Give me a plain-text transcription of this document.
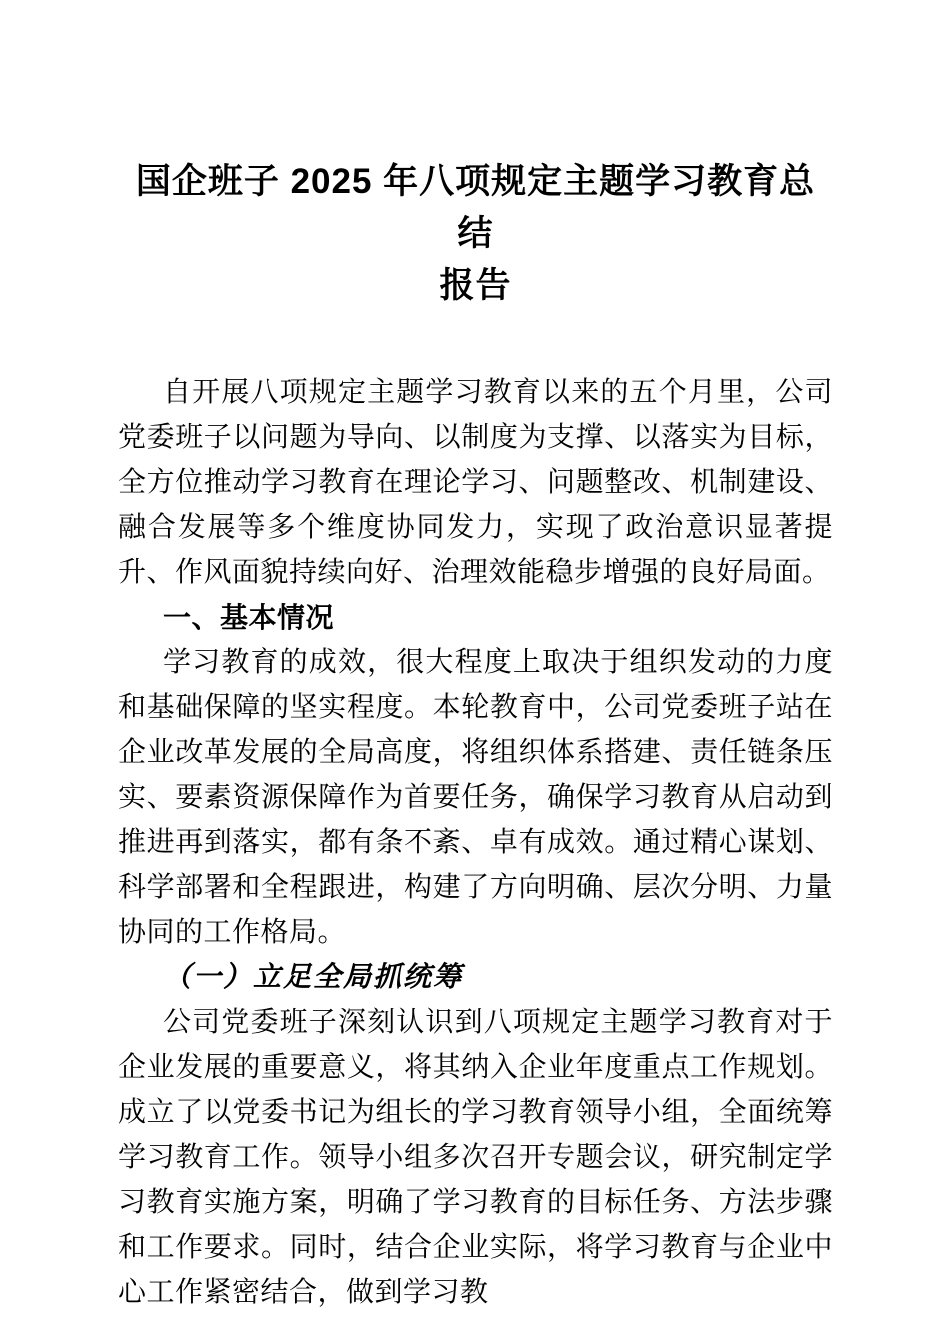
国企班子 2025 年八项规定主题学习教育总结
报告

自开展八项规定主题学习教育以来的五个月里，公司党委班子以问题为导向、以制度为支撑、以落实为目标，全方位推动学习教育在理论学习、问题整改、机制建设、融合发展等多个维度协同发力，实现了政治意识显著提升、作风面貌持续向好、治理效能稳步增强的良好局面。

一、基本情况

学习教育的成效，很大程度上取决于组织发动的力度和基础保障的坚实程度。本轮教育中，公司党委班子站在企业改革发展的全局高度，将组织体系搭建、责任链条压实、要素资源保障作为首要任务，确保学习教育从启动到推进再到落实，都有条不紊、卓有成效。通过精心谋划、科学部署和全程跟进，构建了方向明确、层次分明、力量协同的工作格局。

（一）立足全局抓统筹

公司党委班子深刻认识到八项规定主题学习教育对于企业发展的重要意义，将其纳入企业年度重点工作规划。成立了以党委书记为组长的学习教育领导小组，全面统筹学习教育工作。领导小组多次召开专题会议，研究制定学习教育实施方案，明确了学习教育的目标任务、方法步骤和工作要求。同时，结合企业实际，将学习教育与企业中心工作紧密结合，做到学习教
